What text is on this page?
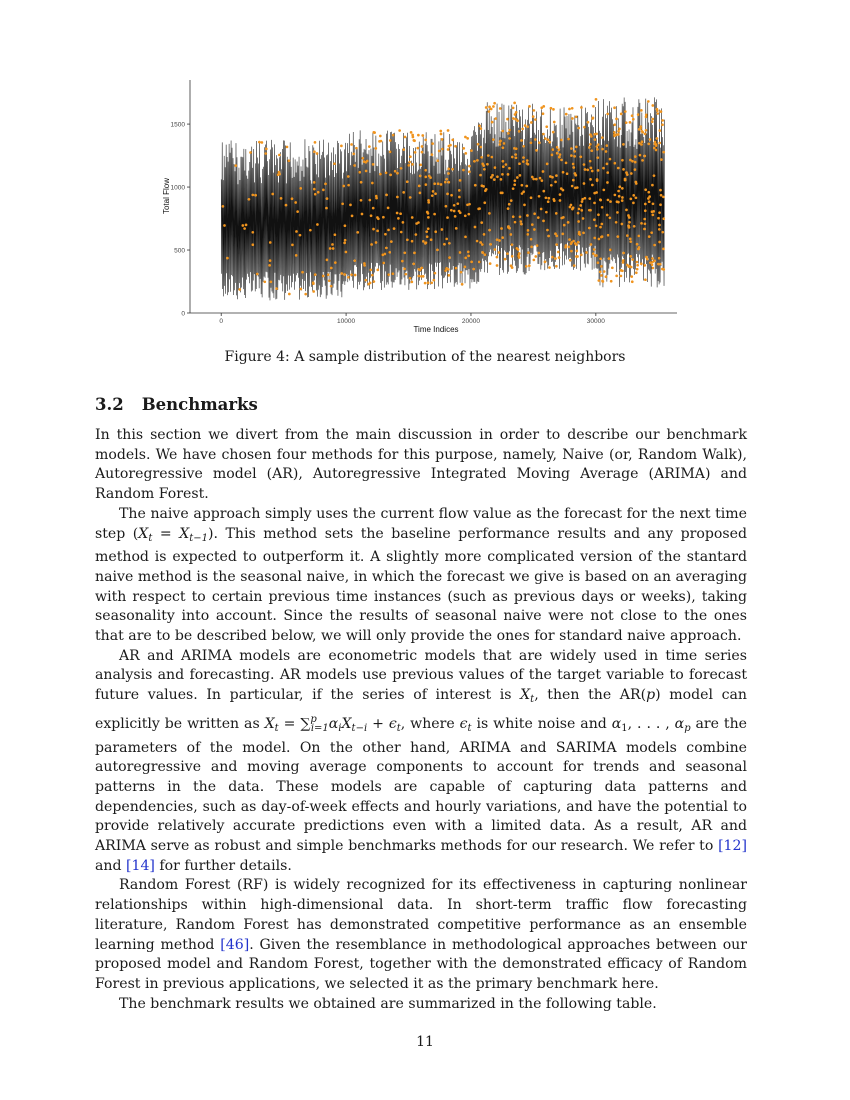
0
500
1000
1500
0	10000	20000	30000
Time Indices
Total Flow
Figure 4: A sample distribution of the nearest neighbors
3.2 Benchmarks

In this section we divert from the main discussion in order to describe our benchmark models. We have chosen four methods for this purpose, namely, Naive (or, Random Walk), Autoregressive model (AR), Autoregressive Integrated Moving Average (ARIMA) and Random Forest.

The naive approach simply uses the current flow value as the forecast for the next time step $(X_t = X_{t-1})$. This method sets the baseline performance results and any proposed method is expected to outperform it. A slightly more complicated version of the stantard naive method is the seasonal naive, in which the forecast we give is based on an averaging with respect to certain previous time instances (such as previous days or weeks), taking seasonality into account. Since the results of seasonal naive were not close to the ones that are to be described below, we will only provide the ones for standard naive approach.

AR and ARIMA models are econometric models that are widely used in time series analysis and forecasting. AR models use previous values of the target variable to forecast future values. In particular, if the series of interest is $X_t$, then the AR(p) model can explicitly be written as $X_t = \sum^p_{i=1}\alpha_iX_{t-i} + \epsilon_t$, where $\epsilon_t$ is white noise and $\alpha_1$, . . . , $\alpha_p$ are the parameters of the model. On the other hand, ARIMA and SARIMA models combine autoregressive and moving average components to account for trends and seasonal patterns in the data. These models are capable of capturing data patterns and dependencies, such as day-of-week effects and hourly variations, and have the potential to provide relatively accurate predictions even with a limited data. As a result, AR and ARIMA serve as robust and simple benchmarks methods for our research. We refer to [12] and [14] for further details.

Random Forest (RF) is widely recognized for its effectiveness in capturing nonlinear relationships within high-dimensional data. In short-term traffic flow forecasting literature, Random Forest has demonstrated competitive performance as an ensemble learning method [46]. Given the resemblance in methodological approaches between our proposed model and Random Forest, together with the demonstrated efficacy of Random Forest in previous applications, we selected it as the primary benchmark here.

The benchmark results we obtained are summarized in the following table.

11
